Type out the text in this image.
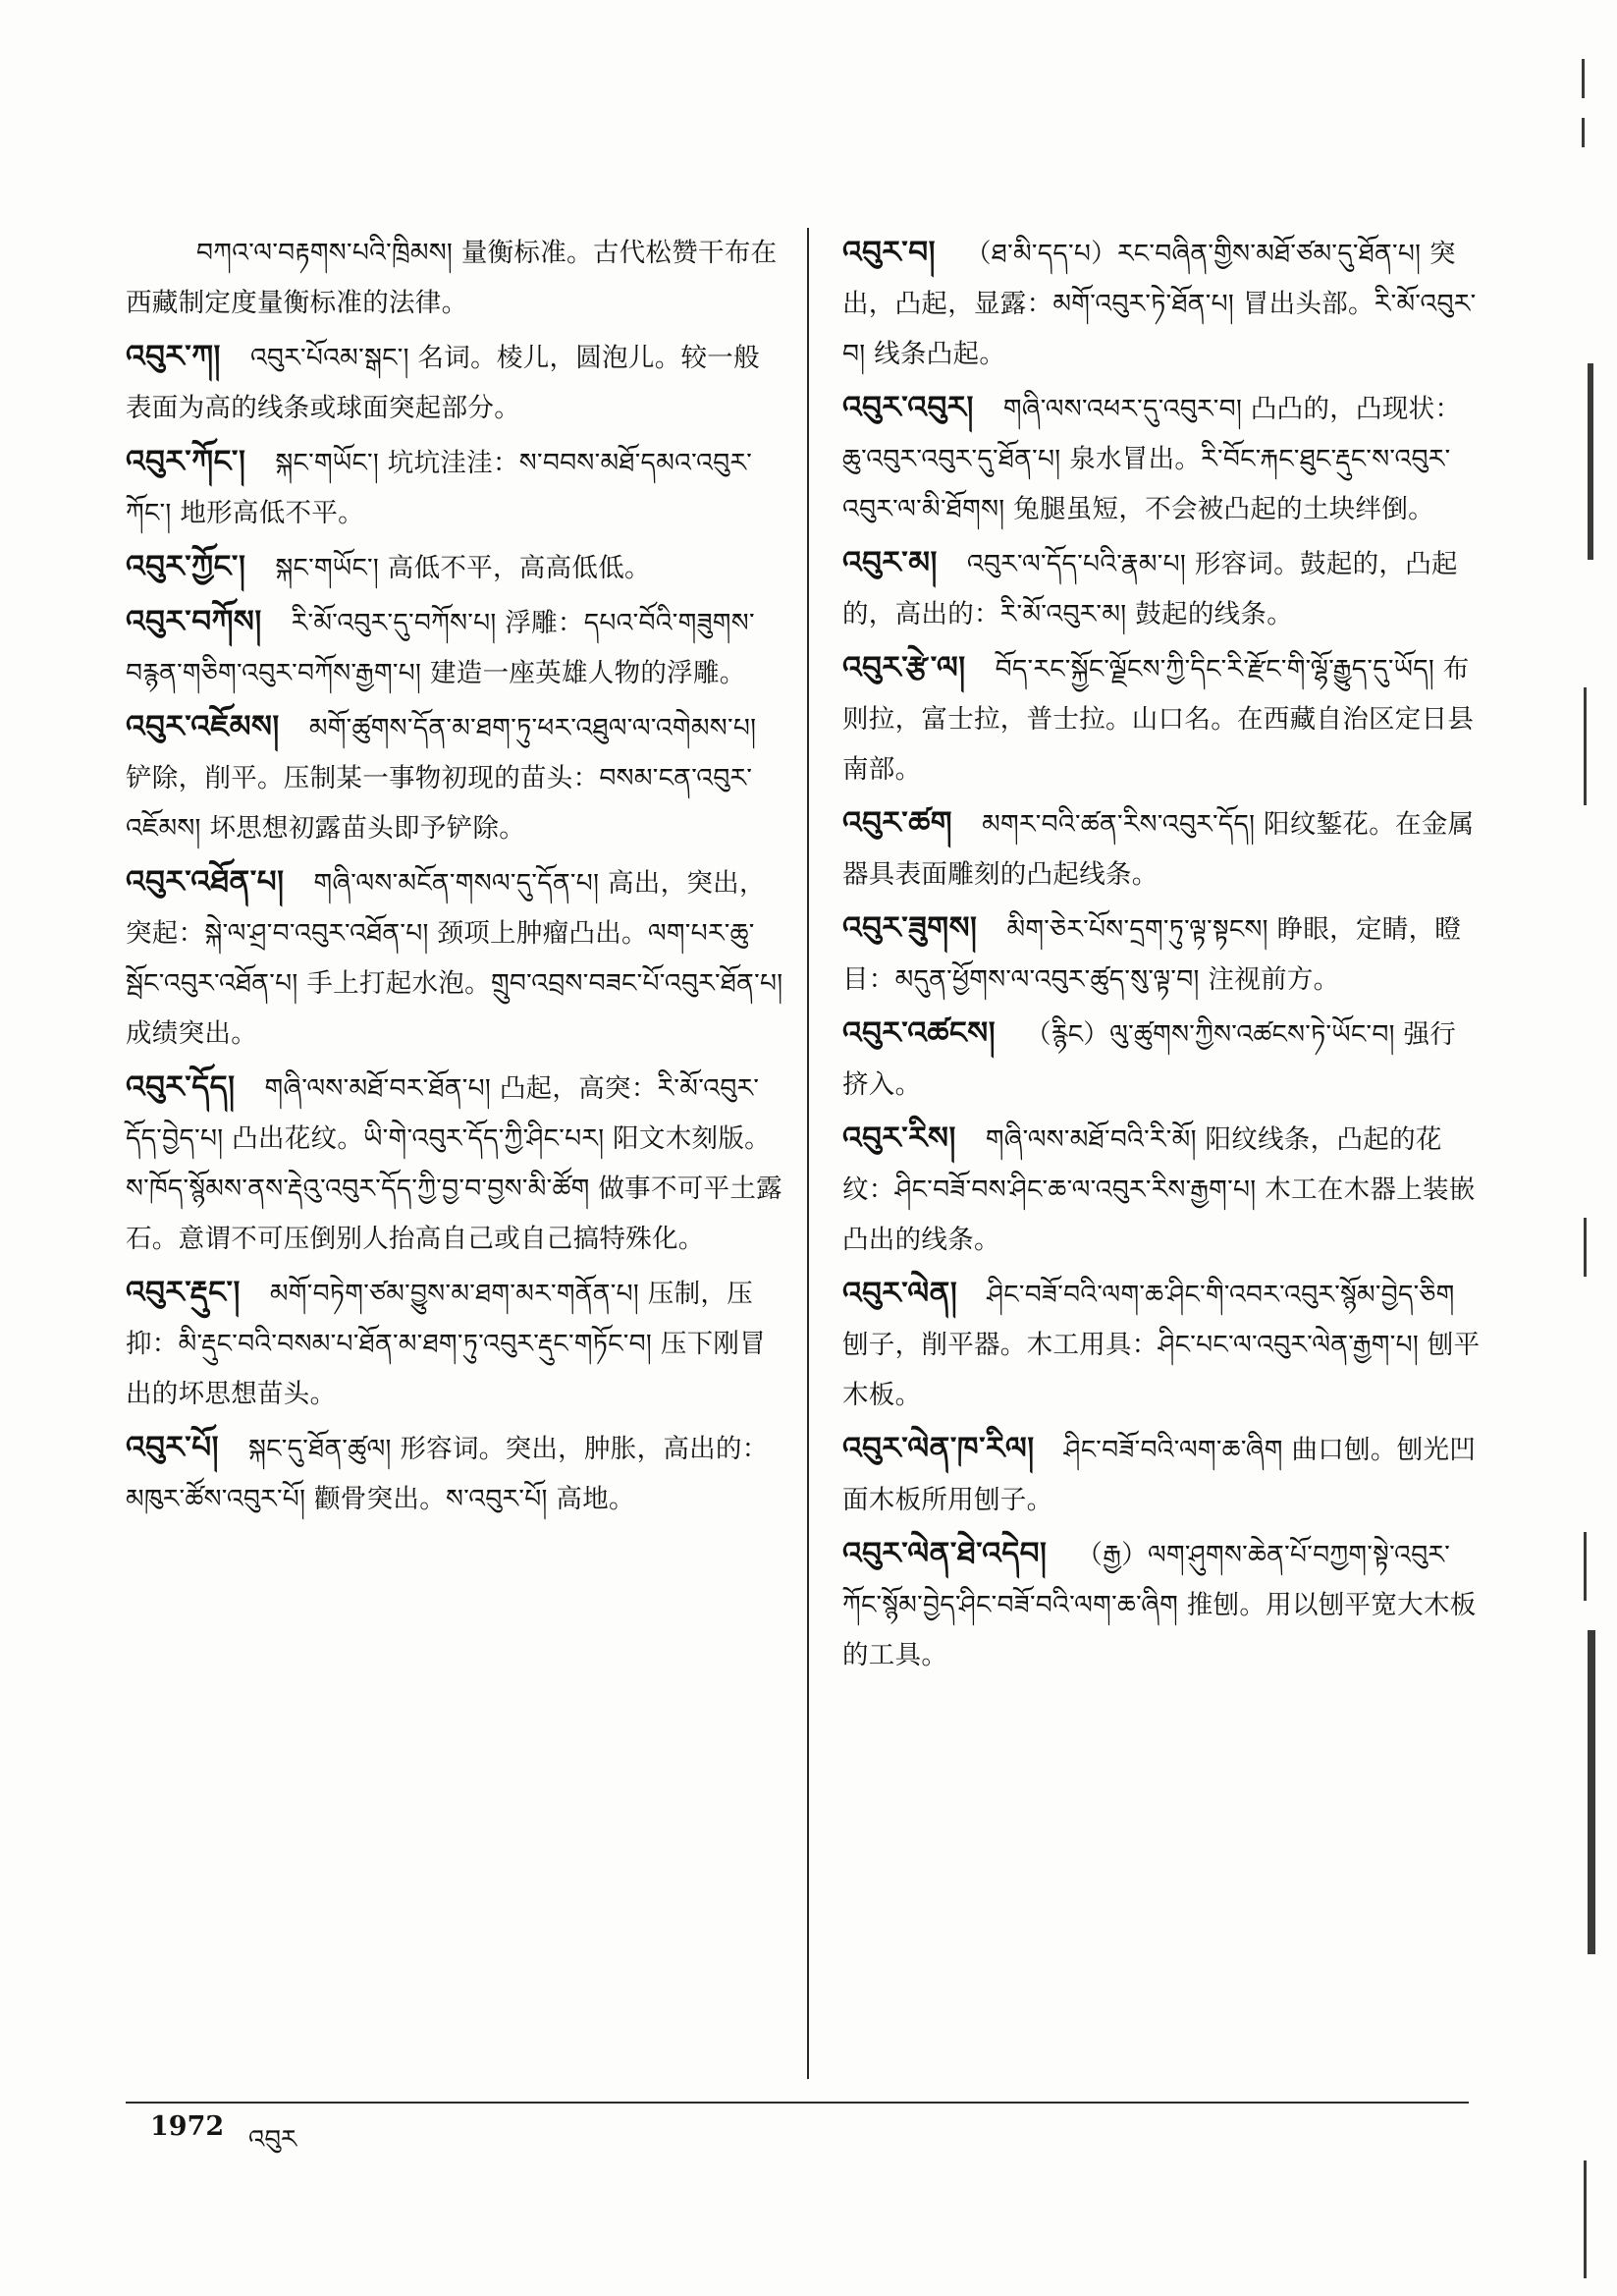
བཀའ་ལ་བརྟགས་པའི་ཁྲིམས། 量衡标准。古代松赞干布在西藏制定度量衡标准的法律。

འབུར་ཀ། འབུར་པོའམ་སྒང་། 名词。棱儿，圆泡儿。较一般表面为高的线条或球面突起部分。

འབུར་ཀོང་། སྐང་གཡོང་། 坑坑洼洼：ས་བབས་མཐོ་དམའ་འབུར་ཀོང་། 地形高低不平。

འབུར་ཀྱོང་། སྐང་གཡོང་། 高低不平，高高低低。

འབུར་བཀོས། རི་མོ་འབུར་དུ་བཀོས་པ། 浮雕：དཔའ་བོའི་གཟུགས་བརྙན་གཅིག་འབུར་བཀོས་རྒྱག་པ། 建造一座英雄人物的浮雕。

འབུར་འཇོམས། མགོ་ཚུགས་དོན་མ་ཐག་ཏུ་ཕར་འཐུལ་ལ་འགེམས་པ། 铲除，削平。压制某一事物初现的苗头：བསམ་ངན་འབུར་འཇོམས། 坏思想初露苗头即予铲除。

འབུར་འཐོན་པ། གཞི་ལས་མངོན་གསལ་དུ་དོན་པ། 高出，突出，突起：སྐེ་ལ་ཤྲ་བ་འབུར་འཐོན་པ། 颈项上肿瘤凸出。ལག་པར་ཆུ་སྦོང་འབུར་འཐོན་པ། 手上打起水泡。གྲུབ་འབྲས་བཟང་པོ་འབུར་ཐོན་པ། 成绩突出。

འབུར་དོད། གཞི་ལས་མཐོ་བར་ཐོན་པ། 凸起，高突：རི་མོ་འབུར་དོད་བྱེད་པ། 凸出花纹。ཡི་གེ་འབུར་དོད་ཀྱི་ཤིང་པར། 阳文木刻版。ས་ཁོད་སྙོམས་ནས་རྡེའུ་འབུར་དོད་ཀྱི་བྱ་བ་བྱས་མི་ཚོག 做事不可平土露石。意谓不可压倒别人抬高自己或自己搞特殊化。

འབུར་རྡུང་། མགོ་བཏེག་ཙམ་བྱུས་མ་ཐག་མར་གནོན་པ། 压制，压抑：མི་རྡུང་བའི་བསམ་པ་ཐོན་མ་ཐག་ཏུ་འབུར་རྡུང་གཏོང་བ། 压下刚冒出的坏思想苗头。

འབུར་པོ། སྐང་དུ་ཐོན་ཚུལ། 形容词。突出，肿胀，高出的：མཁུར་ཚོས་འབུར་པོ། 颧骨突出。ས་འབུར་པོ། 高地。

འབུར་བ། （ཐ་མི་དད་པ）རང་བཞིན་གྱིས་མཐོ་ཙམ་དུ་ཐོན་པ། 突出，凸起，显露：མགོ་འབུར་ཏེ་ཐོན་པ། 冒出头部。རི་མོ་འབུར་བ། 线条凸起。

འབུར་འབུར། གཞི་ལས་འཕར་དུ་འབུར་བ། 凸凸的，凸现状：ཆུ་འབུར་འབུར་དུ་ཐོན་པ། 泉水冒出。རི་བོང་རྐང་ཐུང་རྡུང་ས་འབུར་འབུར་ལ་མི་ཐོགས། 兔腿虽短，不会被凸起的土块绊倒。

འབུར་མ། འབུར་ལ་དོད་པའི་རྣམ་པ། 形容词。鼓起的，凸起的，高出的：རི་མོ་འབུར་མ། 鼓起的线条。

འབུར་རྩེ་ལ། བོད་རང་སྐྱོང་ལྗོངས་ཀྱི་དིང་རི་རྫོང་གི་ལྷོ་རྒྱུད་དུ་ཡོད། 布则拉，富士拉，普士拉。山口名。在西藏自治区定日县南部。

འབུར་ཚག མགར་བའི་ཚན་རིས་འབུར་དོད། 阳纹錾花。在金属器具表面雕刻的凸起线条。

འབུར་ཟུགས། མིག་ཅེར་པོས་དྲག་ཏུ་ལྟ་སྟངས། 睁眼，定睛，瞪目：མདུན་ཕྱོགས་ལ་འབུར་ཚུད་སུ་ལྟ་བ། 注视前方。

འབུར་འཚངས། （རྙིང）ལུ་ཚུགས་ཀྱིས་འཚངས་ཏེ་ཡོང་བ། 强行挤入。

འབུར་རིས། གཞི་ལས་མཐོ་བའི་རི་མོ། 阳纹线条，凸起的花纹：ཤིང་བཟོ་བས་ཤིང་ཆ་ལ་འབུར་རིས་རྒྱག་པ། 木工在木器上装嵌凸出的线条。

འབུར་ལེན། ཤིང་བཟོ་བའི་ལག་ཆ་ཤིང་གི་འབར་འབུར་སྙོམ་བྱེད་ཅིག 刨子，削平器。木工用具：ཤིང་པང་ལ་འབུར་ལེན་རྒྱག་པ། 刨平木板。

འབུར་ལེན་ཁ་རིལ། ཤིང་བཟོ་བའི་ལག་ཆ་ཞིག 曲口刨。刨光凹面木板所用刨子。

འབུར་ལེན་ཐེ་འདེབ། （རྒྱ）ལག་ཤུགས་ཆེན་པོ་བཀྱག་སྟེ་འབུར་ཀོང་སྙོམ་བྱེད་ཤིང་བཟོ་བའི་ལག་ཆ་ཞིག 推刨。用以刨平宽大木板的工具。

1972 འབུར
